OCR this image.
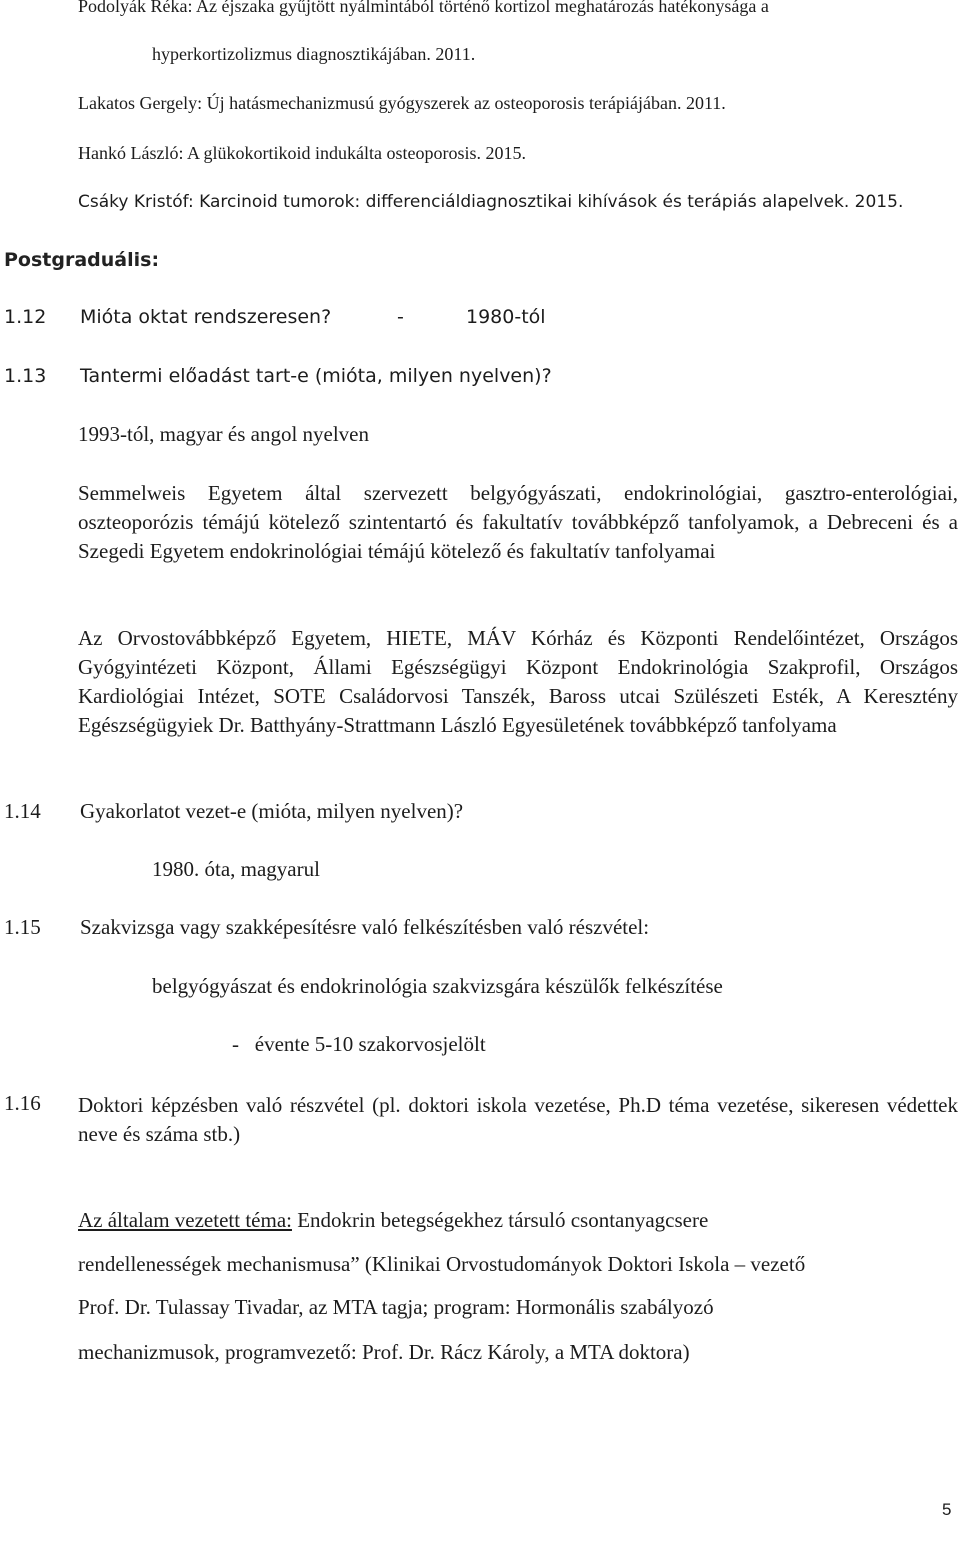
Podolyák Réka: Az éjszaka gyűjtött nyálmintából történő kortizol meghatározás hatékonysága a
hyperkortizolizmus diagnosztikájában. 2011.
Lakatos Gergely: Új hatásmechanizmusú gyógyszerek az osteoporosis terápiájában. 2011.
Hankó László: A glükokortikoid indukálta osteoporosis. 2015.
Csáky Kristóf: Karcinoid tumorok: differenciáldiagnosztikai kihívások és terápiás alapelvek. 2015.
Postgraduális:
1.12 Mióta oktat rendszeresen?	-	1980-tól
1.13 Tantermi előadást tart-e (mióta, milyen nyelven)?
1993-tól, magyar és angol nyelven
Semmelweis Egyetem által szervezett belgyógyászati, endokrinológiai, gasztro-enterológiai, oszteoporózis témájú kötelező szintentartó és fakultatív továbbképző tanfolyamok, a Debreceni és a Szegedi Egyetem endokrinológiai témájú kötelező és fakultatív tanfolyamai
Az Orvostovábbképző Egyetem, HIETE, MÁV Kórház és Központi Rendelőintézet, Országos Gyógyintézeti Központ, Állami Egészségügyi Központ Endokrinológia Szakprofil, Országos Kardiológiai Intézet, SOTE Családorvosi Tanszék, Baross utcai Szülészeti Esték, A Keresztény Egészségügyiek Dr. Batthyány-Strattmann László Egyesületének továbbképző tanfolyama
1.14 Gyakorlatot vezet-e (mióta, milyen nyelven)?
1980. óta, magyarul
1.15 Szakvizsga vagy szakképesítésre való felkészítésben való részvétel:
belgyógyászat és endokrinológia szakvizsgára készülők felkészítése
-   évente 5-10 szakorvosjelölt
1.16 Doktori képzésben való részvétel (pl. doktori iskola vezetése, Ph.D téma vezetése, sikeresen védettek neve és száma stb.)
Az általam vezetett téma: Endokrin betegségekhez társuló csontanyagcsere
rendellenességek mechanismusa” (Klinikai Orvostudományok Doktori Iskola – vezető
Prof. Dr. Tulassay Tivadar, az MTA tagja; program: Hormonális szabályozó
mechanizmusok, programvezető: Prof. Dr. Rácz Károly, a MTA doktora)
5
